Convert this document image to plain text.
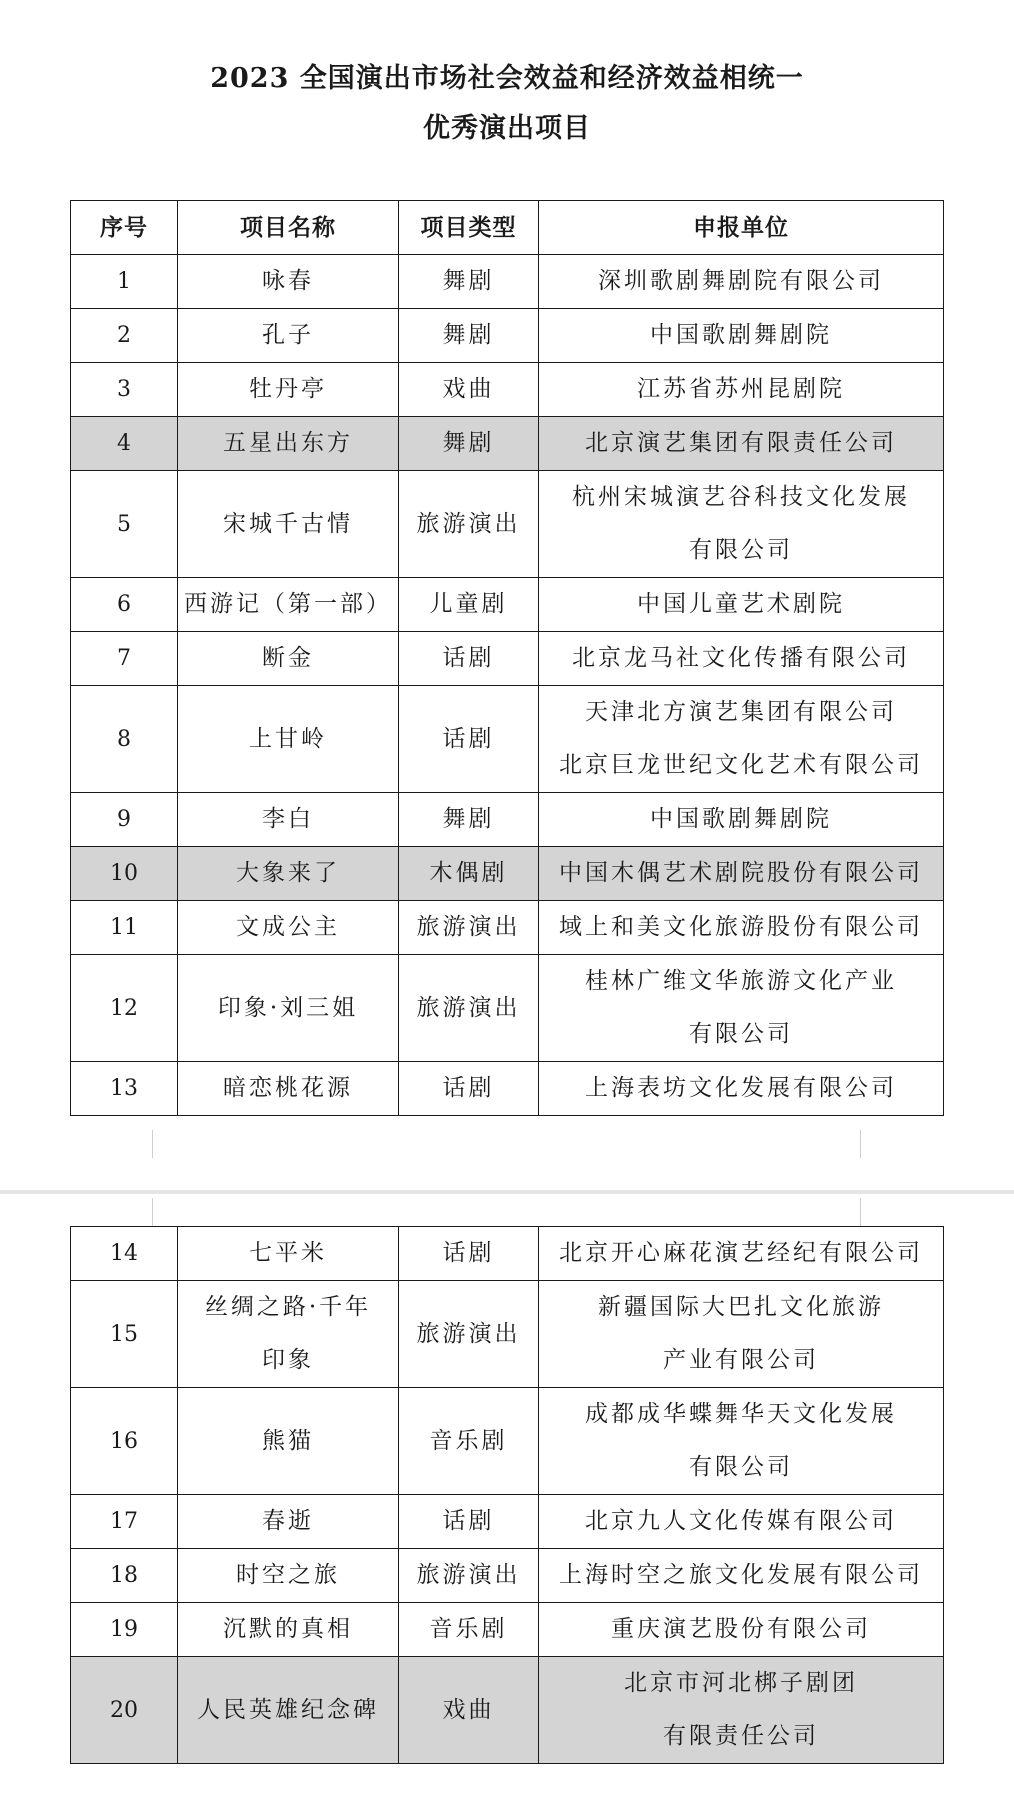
2023 全国演出市场社会效益和经济效益相统一
优秀演出项目
序号	项目名称	项目类型	申报单位
1	咏春	舞剧	深圳歌剧舞剧院有限公司

2	孔子	舞剧	中国歌剧舞剧院

3	牡丹亭	戏曲	江苏省苏州昆剧院

4	五星出东方	舞剧	北京演艺集团有限责任公司

5	宋城千古情	旅游演出	杭州宋城演艺谷科技文化发展
有限公司

6	西游记（第一部）	儿童剧	中国儿童艺术剧院

7	断金	话剧	北京龙马社文化传播有限公司

8	上甘岭	话剧	天津北方演艺集团有限公司
北京巨龙世纪文化艺术有限公司

9	李白	舞剧	中国歌剧舞剧院

10	大象来了	木偶剧	中国木偶艺术剧院股份有限公司

11	文成公主	旅游演出	域上和美文化旅游股份有限公司

12	印象·刘三姐	旅游演出	桂林广维文华旅游文化产业
有限公司

13	暗恋桃花源	话剧	上海表坊文化发展有限公司
14	七平米	话剧	北京开心麻花演艺经纪有限公司

15	丝绸之路·千年
印象	旅游演出	新疆国际大巴扎文化旅游
产业有限公司

16	熊猫	音乐剧	成都成华蝶舞华天文化发展
有限公司

17	春逝	话剧	北京九人文化传媒有限公司

18	时空之旅	旅游演出	上海时空之旅文化发展有限公司

19	沉默的真相	音乐剧	重庆演艺股份有限公司

20	人民英雄纪念碑	戏曲	北京市河北梆子剧团
有限责任公司
